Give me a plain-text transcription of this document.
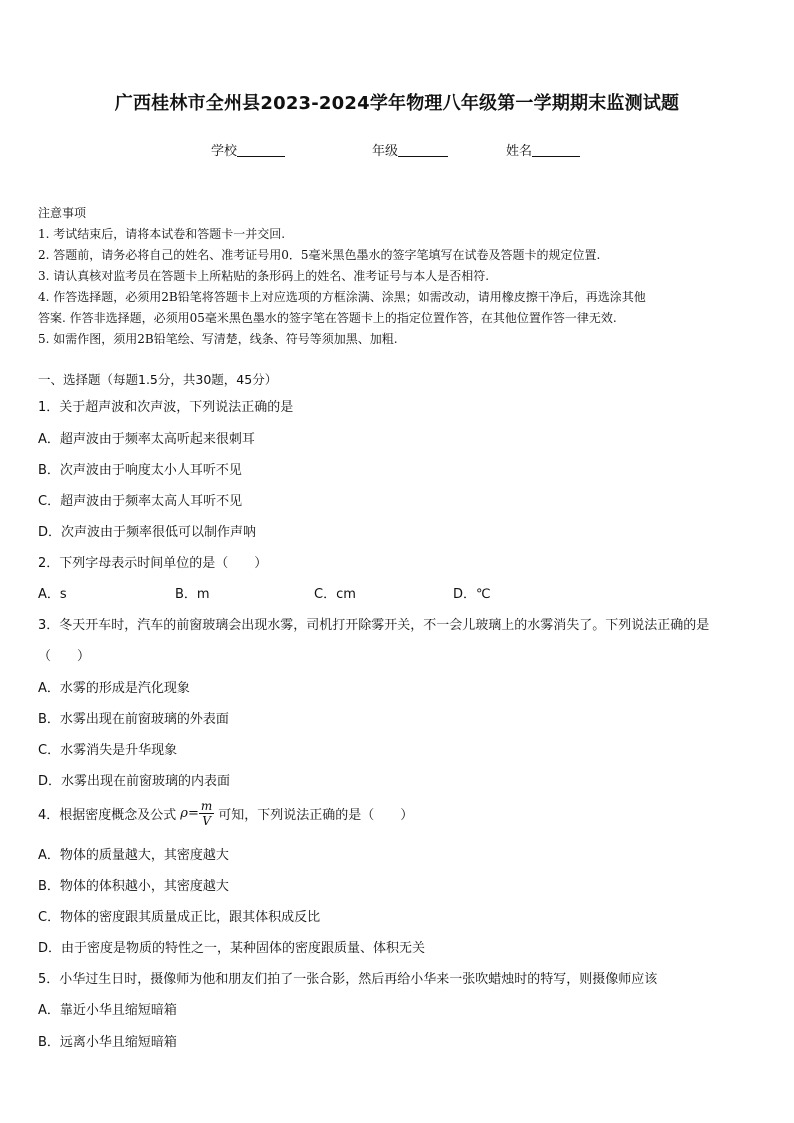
广西桂林市全州县2023-2024学年物理八年级第一学期期末监测试题
学校	年级	姓名
注意事项
1. 考试结束后，请将本试卷和答题卡一并交回.
2. 答题前，请务必将自己的姓名、准考证号用0．5毫米黑色墨水的签字笔填写在试卷及答题卡的规定位置.
3. 请认真核对监考员在答题卡上所粘贴的条形码上的姓名、准考证号与本人是否相符.
4. 作答选择题，必须用2B铅笔将答题卡上对应选项的方框涂满、涂黑；如需改动，请用橡皮擦干净后，再选涂其他
答案. 作答非选择题，必须用05毫米黑色墨水的签字笔在答题卡上的指定位置作答，在其他位置作答一律无效.
5. 如需作图，须用2B铅笔绘、写清楚，线条、符号等须加黑、加粗.
一、选择题（每题1.5分，共30题，45分）
1．关于超声波和次声波，下列说法正确的是
A．超声波由于频率太高听起来很刺耳
B．次声波由于响度太小人耳听不见
C．超声波由于频率太高人耳听不见
D．次声波由于频率很低可以制作声呐
2．下列字母表示时间单位的是（　　）
A．s	B．m	C．cm	D．℃
3．冬天开车时，汽车的前窗玻璃会出现水雾，司机打开除雾开关，不一会儿玻璃上的水雾消失了。下列说法正确的是
（　　）
A．水雾的形成是汽化现象
B．水雾出现在前窗玻璃的外表面
C．水雾消失是升华现象
D．水雾出现在前窗玻璃的内表面
4．根据密度概念及公式 $\rho= \frac{m}{V}$ 可知，下列说法正确的是（　　）
A．物体的质量越大，其密度越大
B．物体的体积越小，其密度越大
C．物体的密度跟其质量成正比，跟其体积成反比
D．由于密度是物质的特性之一，某种固体的密度跟质量、体积无关
5．小华过生日时，摄像师为他和朋友们拍了一张合影，然后再给小华来一张吹蜡烛时的特写，则摄像师应该
A．靠近小华且缩短暗箱
B．远离小华且缩短暗箱
